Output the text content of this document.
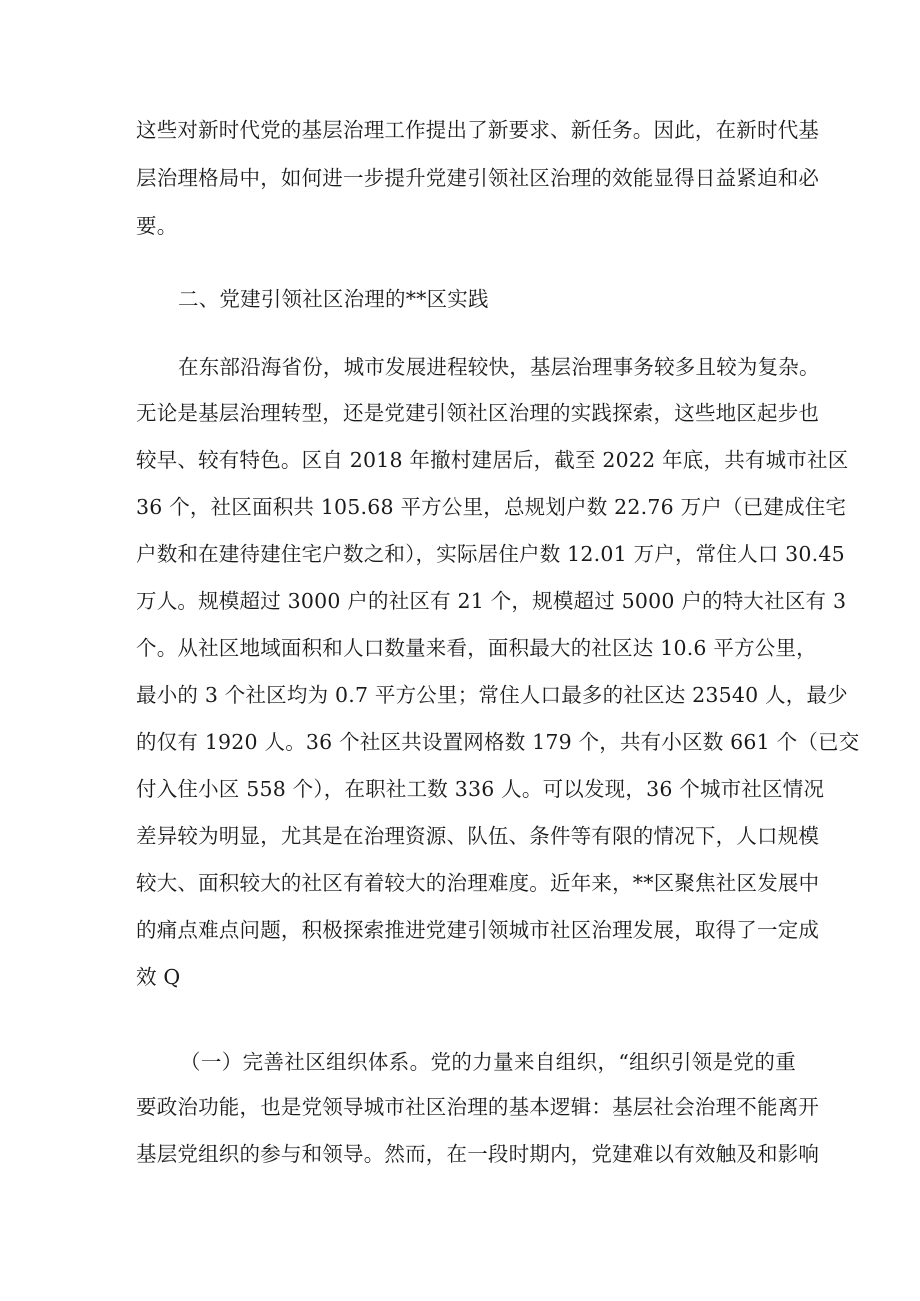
这些对新时代党的基层治理工作提出了新要求、新任务。因此，在新时代基
层治理格局中，如何进一步提升党建引领社区治理的效能显得日益紧迫和必
要。
二、党建引领社区治理的**区实践
在东部沿海省份，城市发展进程较快，基层治理事务较多且较为复杂。
无论是基层治理转型，还是党建引领社区治理的实践探索，这些地区起步也
较早、较有特色。区自 2018 年撤村建居后，截至 2022 年底，共有城市社区
36 个，社区面积共 105.68 平方公里，总规划户数 22.76 万户（已建成住宅
户数和在建待建住宅户数之和），实际居住户数 12.01 万户，常住人口 30.45
万人。规模超过 3000 户的社区有 21 个，规模超过 5000 户的特大社区有 3
个。从社区地域面积和人口数量来看，面积最大的社区达 10.6 平方公里，
最小的 3 个社区均为 0.7 平方公里；常住人口最多的社区达 23540 人，最少
的仅有 1920 人。36 个社区共设置网格数 179 个，共有小区数 661 个（已交
付入住小区 558 个），在职社工数 336 人。可以发现，36 个城市社区情况
差异较为明显，尤其是在治理资源、队伍、条件等有限的情况下，人口规模
较大、面积较大的社区有着较大的治理难度。近年来，**区聚焦社区发展中
的痛点难点问题，积极探索推进党建引领城市社区治理发展，取得了一定成
效 Q
（一）完善社区组织体系。党的力量来自组织，“组织引领是党的重
要政治功能，也是党领导城市社区治理的基本逻辑：基层社会治理不能离开
基层党组织的参与和领导。然而，在一段时期内，党建难以有效触及和影响
